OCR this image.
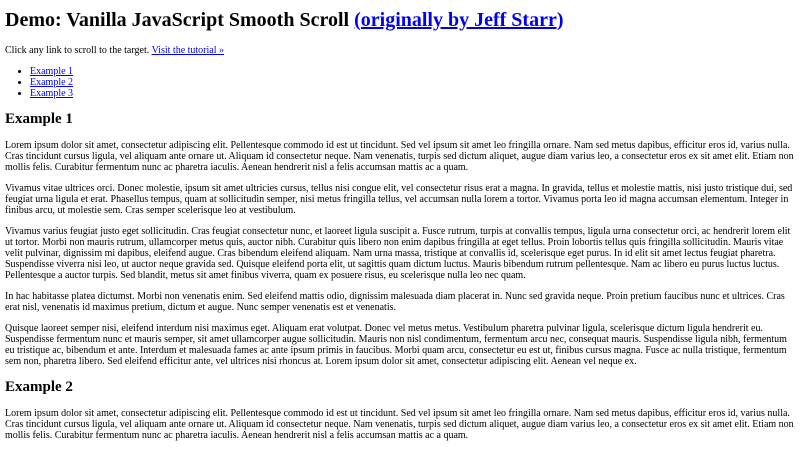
Demo: Vanilla JavaScript Smooth Scroll (originally by Jeff Starr)

Click any link to scroll to the target. Visit the tutorial »

• Example 1
• Example 2
• Example 3
Example 1

Lorem ipsum dolor sit amet, consectetur adipiscing elit. Pellentesque commodo id est ut tincidunt. Sed vel ipsum sit amet leo fringilla ornare. Nam sed metus dapibus, efficitur eros id, varius nulla. Cras tincidunt cursus ligula, vel aliquam ante ornare ut. Aliquam id consectetur neque. Nam venenatis, turpis sed dictum aliquet, augue diam varius leo, a consectetur eros ex sit amet elit. Etiam non mollis felis. Curabitur fermentum nunc ac pharetra iaculis. Aenean hendrerit nisl a felis accumsan mattis ac a quam.

Vivamus vitae ultrices orci. Donec molestie, ipsum sit amet ultricies cursus, tellus nisi congue elit, vel consectetur risus erat a magna. In gravida, tellus et molestie mattis, nisi justo tristique dui, sed feugiat urna ligula et erat. Phasellus tempus, quam at sollicitudin semper, nisi metus fringilla tellus, vel accumsan nulla lorem a tortor. Vivamus porta leo id magna accumsan elementum. Integer in finibus arcu, ut molestie sem. Cras semper scelerisque leo at vestibulum.

Vivamus varius feugiat justo eget sollicitudin. Cras feugiat consectetur nunc, et laoreet ligula suscipit a. Fusce rutrum, turpis at convallis tempus, ligula urna consectetur orci, ac hendrerit lorem elit ut tortor. Morbi non mauris rutrum, ullamcorper metus quis, auctor nibh. Curabitur quis libero non enim dapibus fringilla at eget tellus. Proin lobortis tellus quis fringilla sollicitudin. Mauris vitae velit pulvinar, dignissim mi dapibus, eleifend augue. Cras bibendum eleifend aliquam. Nam urna massa, tristique at convallis id, scelerisque eget purus. In id elit sit amet lectus feugiat pharetra. Suspendisse viverra nisi leo, ut auctor neque gravida sed. Quisque eleifend porta elit, ut sagittis quam dictum luctus. Mauris bibendum rutrum pellentesque. Nam ac libero eu purus luctus luctus. Pellentesque a auctor turpis. Sed blandit, metus sit amet finibus viverra, quam ex posuere risus, eu scelerisque nulla leo nec quam.

In hac habitasse platea dictumst. Morbi non venenatis enim. Sed eleifend mattis odio, dignissim malesuada diam placerat in. Nunc sed gravida neque. Proin pretium faucibus nunc et ultrices. Cras erat nisl, venenatis id maximus pretium, dictum et augue. Nunc semper venenatis est et venenatis.

Quisque laoreet semper nisi, eleifend interdum nisi maximus eget. Aliquam erat volutpat. Donec vel metus metus. Vestibulum pharetra pulvinar ligula, scelerisque dictum ligula hendrerit eu. Suspendisse fermentum nunc et mauris semper, sit amet ullamcorper augue sollicitudin. Mauris non nisl condimentum, fermentum arcu nec, consequat mauris. Suspendisse ligula nibh, fermentum eu tristique ac, bibendum et ante. Interdum et malesuada fames ac ante ipsum primis in faucibus. Morbi quam arcu, consectetur eu est ut, finibus cursus magna. Fusce ac nulla tristique, fermentum sem non, pharetra libero. Sed eleifend efficitur ante, vel ultrices nisi rhoncus at. Lorem ipsum dolor sit amet, consectetur adipiscing elit. Aenean vel neque ex.

Example 2

Lorem ipsum dolor sit amet, consectetur adipiscing elit. Pellentesque commodo id est ut tincidunt. Sed vel ipsum sit amet leo fringilla ornare. Nam sed metus dapibus, efficitur eros id, varius nulla. Cras tincidunt cursus ligula, vel aliquam ante ornare ut. Aliquam id consectetur neque. Nam venenatis, turpis sed dictum aliquet, augue diam varius leo, a consectetur eros ex sit amet elit. Etiam non mollis felis. Curabitur fermentum nunc ac pharetra iaculis. Aenean hendrerit nisl a felis accumsan mattis ac a quam.
